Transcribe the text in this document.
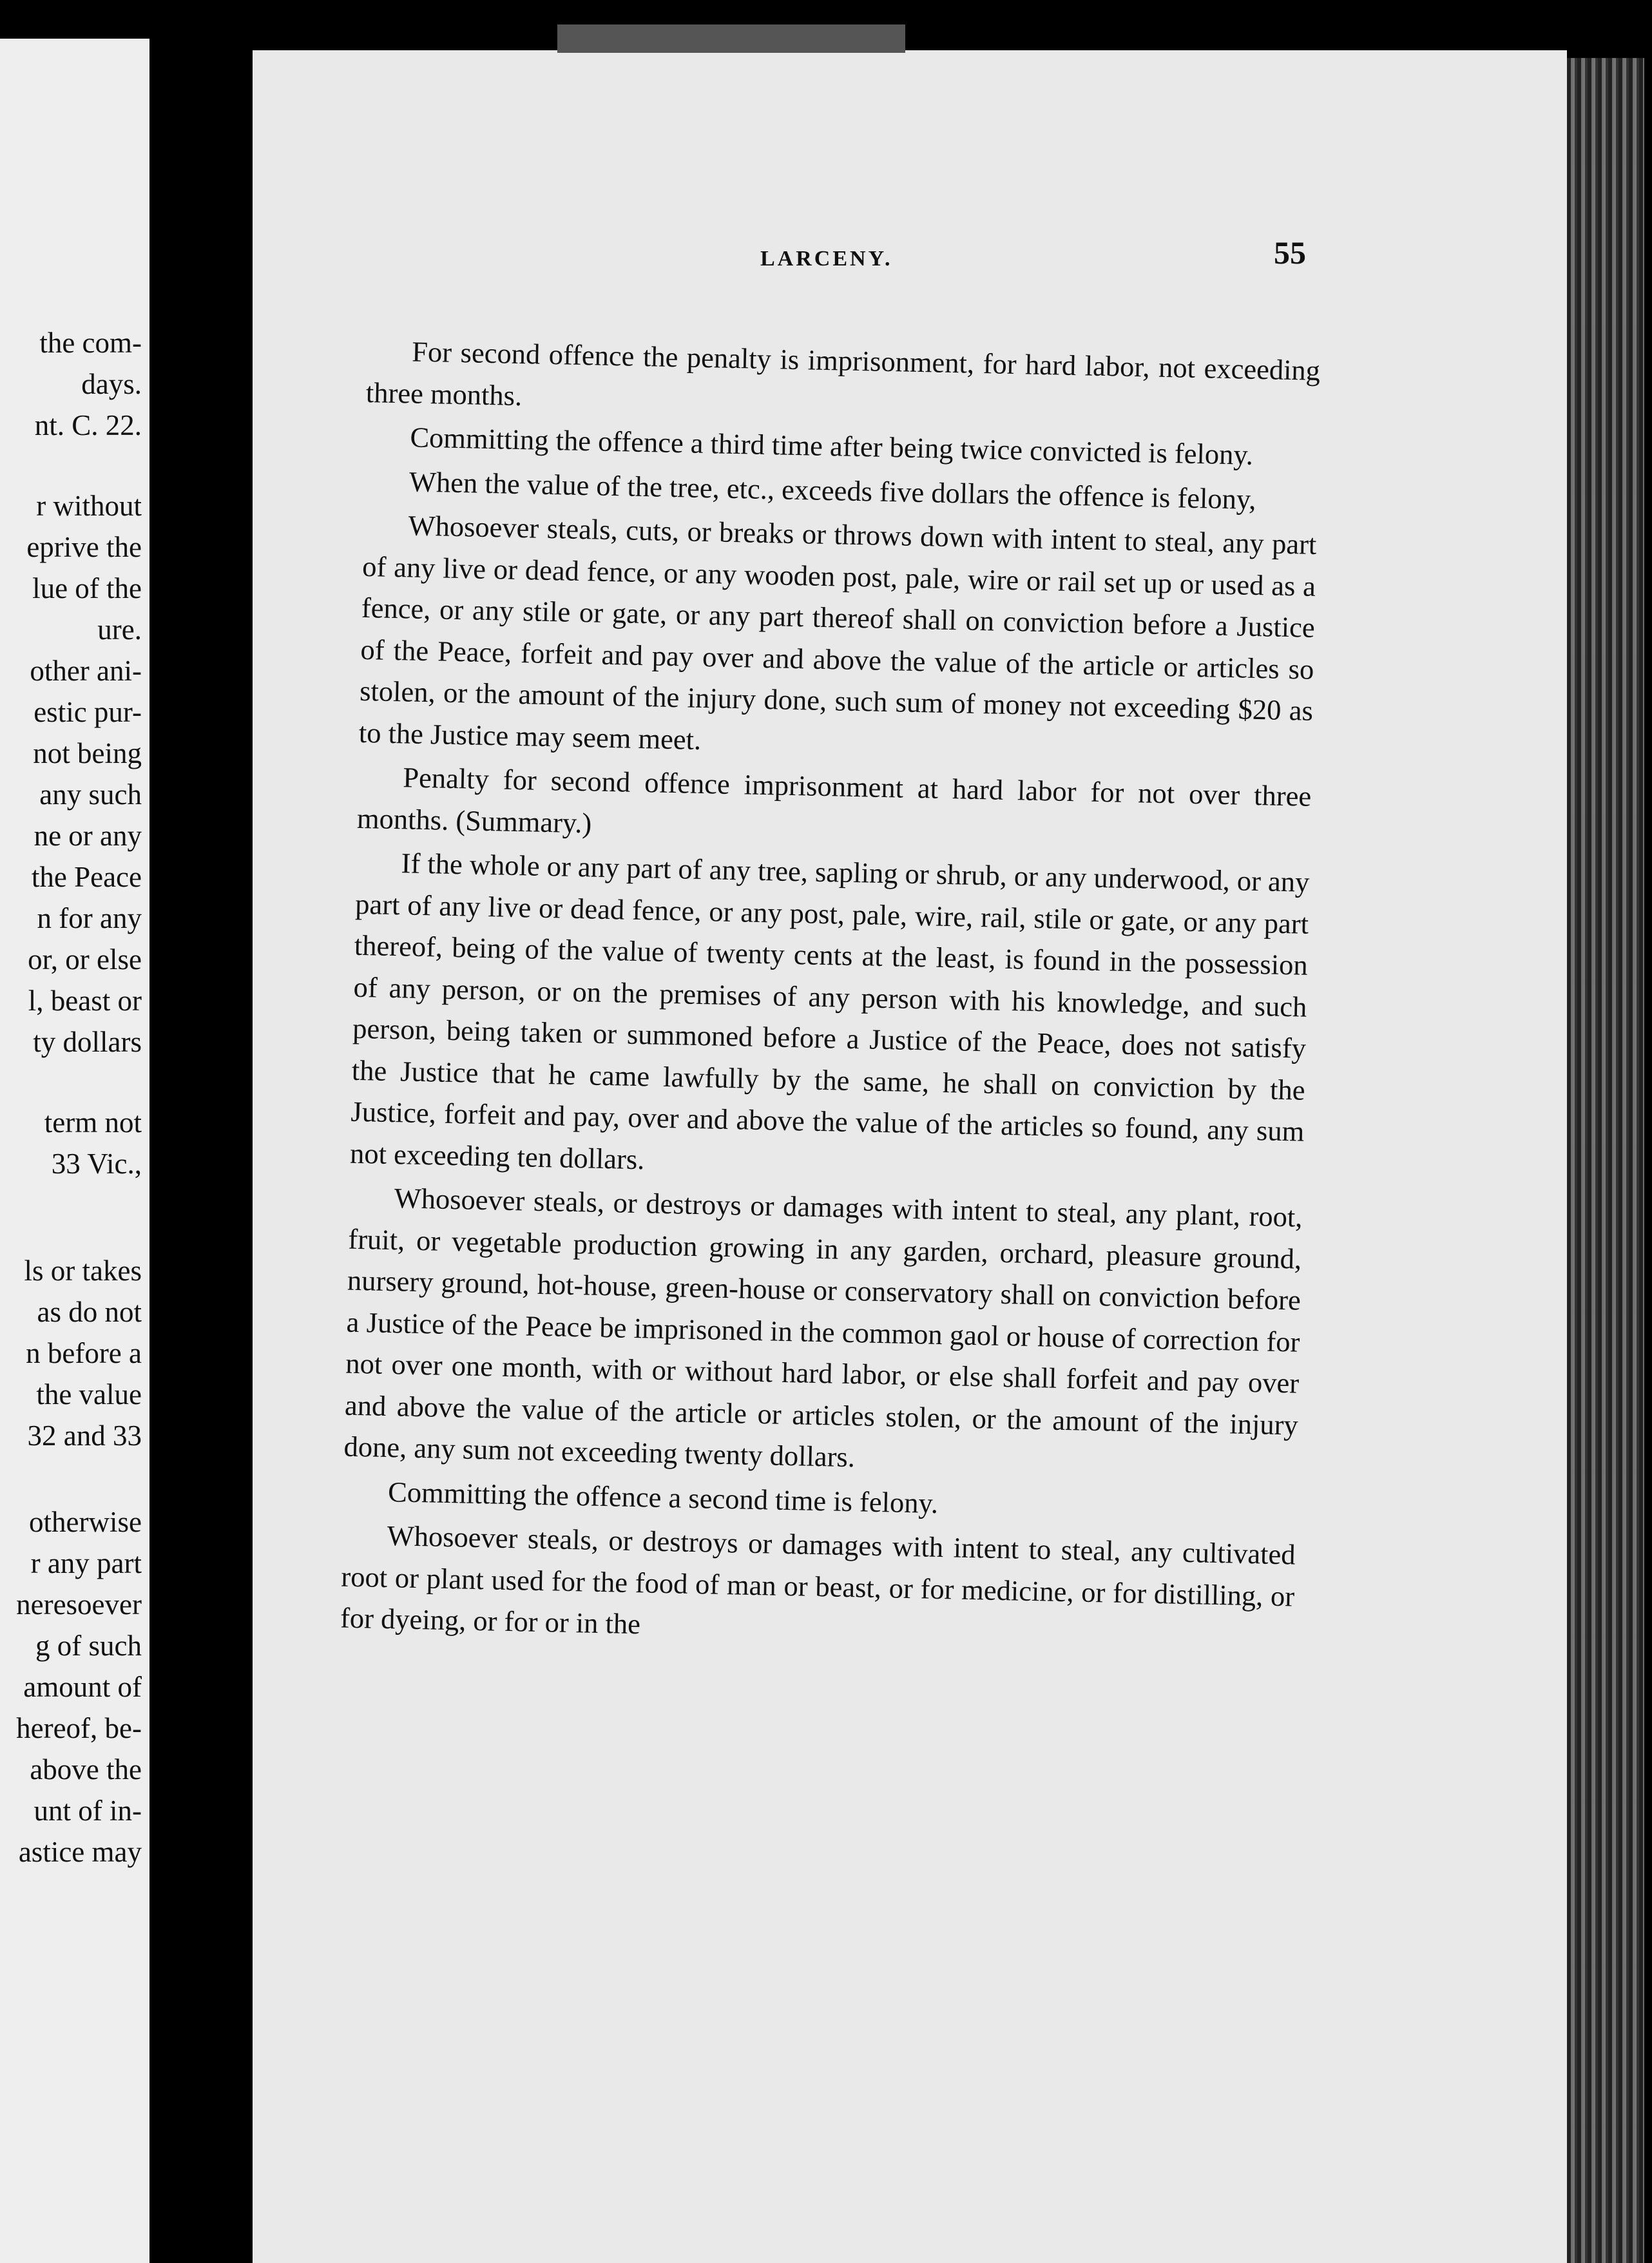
the com-
days.
nt. C. 22.
r without
eprive the
lue of the
ure.
other ani-
estic pur-
not being
any such
ne or any
the Peace
n for any
or, or else
l, beast or
ty dollars
term not
33 Vic.,
ls or takes
as do not
n before a
the value
32 and 33
otherwise
r any part
neresoever
g of such
amount of
hereof, be-
above the
unt of in-
astice may
LARCENY.	55

For second offence the penalty is imprisonment, for hard labor, not exceeding three months.

Committing the offence a third time after being twice convicted is felony.

When the value of the tree, etc., exceeds five dollars the offence is felony,

Whosoever steals, cuts, or breaks or throws down with intent to steal, any part of any live or dead fence, or any wooden post, pale, wire or rail set up or used as a fence, or any stile or gate, or any part thereof shall on conviction before a Justice of the Peace, forfeit and pay over and above the value of the article or articles so stolen, or the amount of the injury done, such sum of money not exceeding $20 as to the Justice may seem meet.

Penalty for second offence imprisonment at hard labor for not over three months. (Summary.)

If the whole or any part of any tree, sapling or shrub, or any underwood, or any part of any live or dead fence, or any post, pale, wire, rail, stile or gate, or any part thereof, being of the value of twenty cents at the least, is found in the possession of any person, or on the premises of any person with his knowledge, and such person, being taken or summoned before a Justice of the Peace, does not satisfy the Justice that he came lawfully by the same, he shall on conviction by the Justice, forfeit and pay, over and above the value of the articles so found, any sum not exceeding ten dollars.

Whosoever steals, or destroys or damages with intent to steal, any plant, root, fruit, or vegetable production growing in any garden, orchard, pleasure ground, nursery ground, hot-house, green-house or conservatory shall on conviction before a Justice of the Peace be imprisoned in the common gaol or house of correction for not over one month, with or without hard labor, or else shall forfeit and pay over and above the value of the article or articles stolen, or the amount of the injury done, any sum not exceeding twenty dollars.

Committing the offence a second time is felony.

Whosoever steals, or destroys or damages with intent to steal, any cultivated root or plant used for the food of man or beast, or for medicine, or for distilling, or for dyeing, or for or in the
